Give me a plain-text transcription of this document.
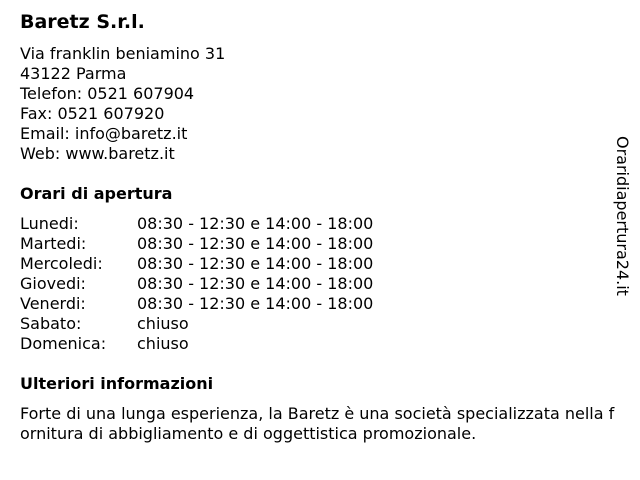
Baretz S.r.l.
Via franklin beniamino 31
43122 Parma
Telefon: 0521 607904
Fax: 0521 607920
Email: info@baretz.it
Web: www.baretz.it
Orari di apertura
Lunedi:	08:30 - 12:30 e 14:00 - 18:00
Martedi:	08:30 - 12:30 e 14:00 - 18:00
Mercoledi:	08:30 - 12:30 e 14:00 - 18:00
Giovedi:	08:30 - 12:30 e 14:00 - 18:00
Venerdi:	08:30 - 12:30 e 14:00 - 18:00
Sabato:	chiuso
Domenica:	chiuso
Ulteriori informazioni
Forte di una lunga esperienza, la Baretz è una società specializzata nella fornitura di abbigliamento e di oggettistica promozionale.
Oraridiapertura24.it
